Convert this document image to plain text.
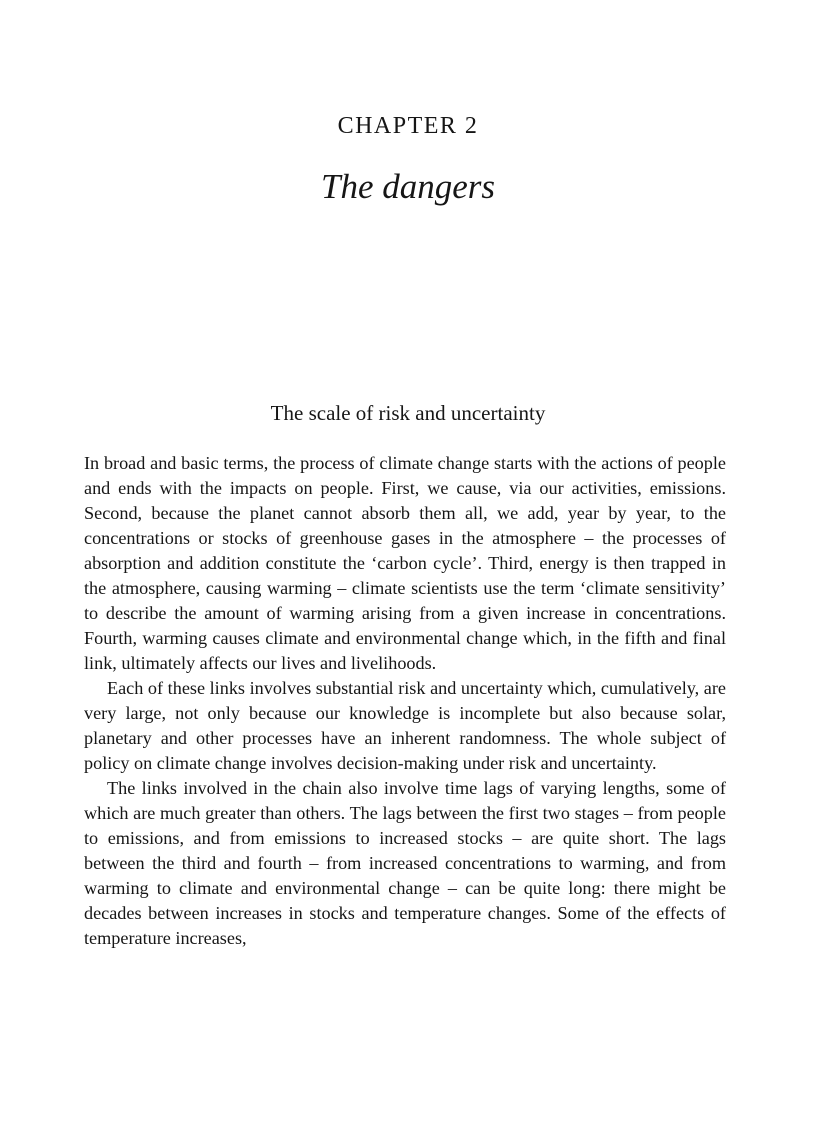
CHAPTER 2
The dangers
The scale of risk and uncertainty

In broad and basic terms, the process of climate change starts with the actions of people and ends with the impacts on people. First, we cause, via our activities, emissions. Second, because the planet cannot absorb them all, we add, year by year, to the concentrations or stocks of greenhouse gases in the atmosphere – the processes of absorption and addition constitute the ‘carbon cycle’. Third, energy is then trapped in the atmosphere, causing warming – climate scientists use the term ‘climate sensitivity’ to describe the amount of warming arising from a given increase in concentrations. Fourth, warming causes climate and environmental change which, in the fifth and final link, ultimately affects our lives and livelihoods.

Each of these links involves substantial risk and uncertainty which, cumulatively, are very large, not only because our knowledge is incomplete but also because solar, planetary and other processes have an inherent randomness. The whole subject of policy on climate change involves decision-making under risk and uncertainty.

The links involved in the chain also involve time lags of varying lengths, some of which are much greater than others. The lags between the first two stages – from people to emissions, and from emissions to increased stocks – are quite short. The lags between the third and fourth – from increased concentrations to warming, and from warming to climate and environmental change – can be quite long: there might be decades between increases in stocks and temperature changes. Some of the effects of temperature increases,
